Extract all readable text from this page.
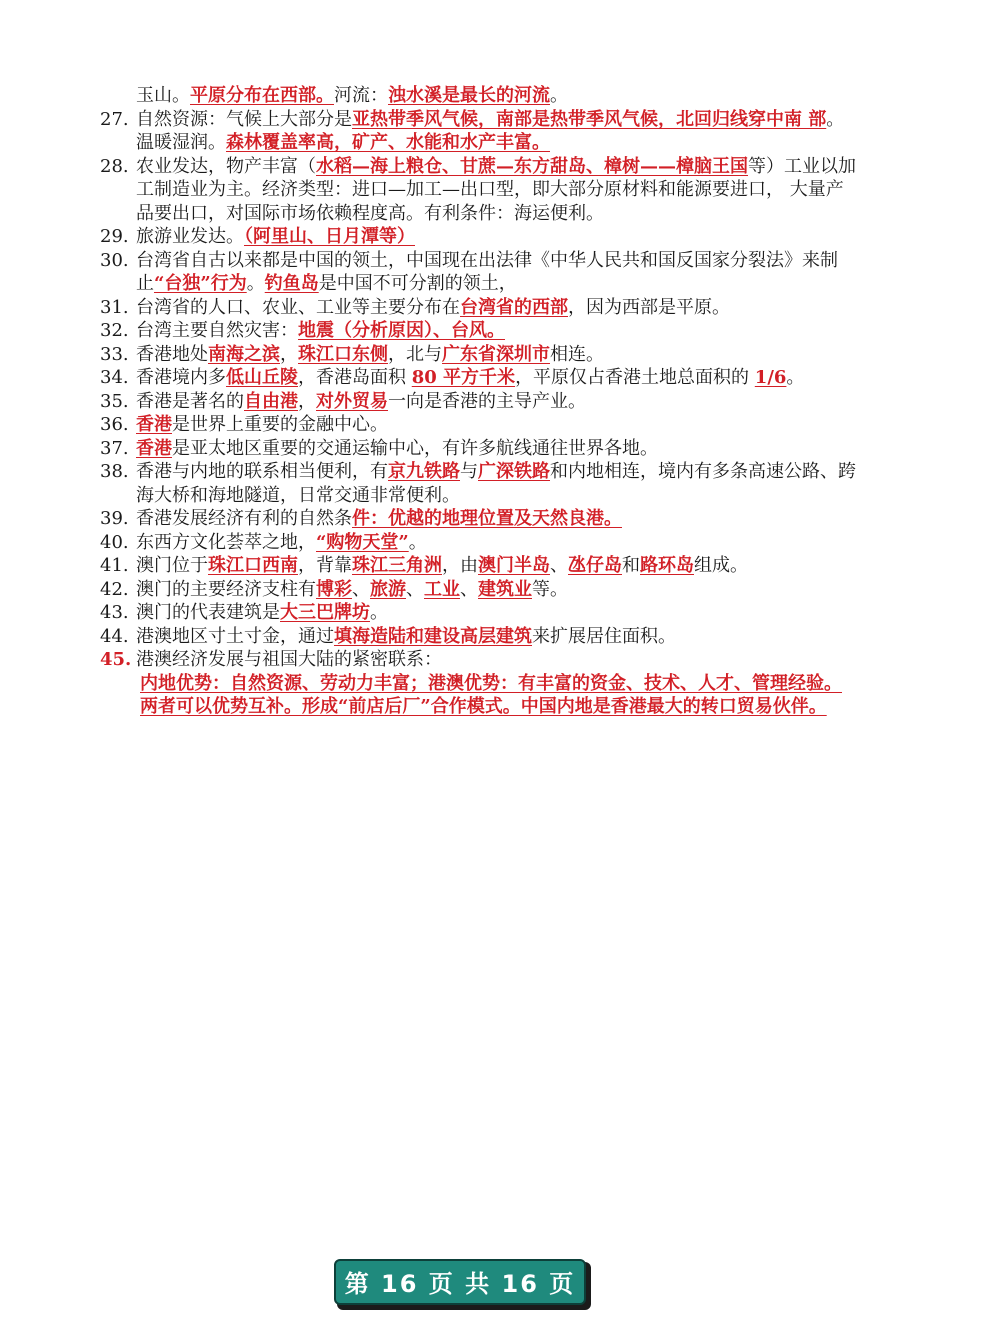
玉山。平原分布在西部。河流：浊水溪是最长的河流。
27. 自然资源：气候上大部分是亚热带季风气候，南部是热带季风气候，北回归线穿中南 部。 温暖湿润。森林覆盖率高，矿产、水能和水产丰富。
28. 农业发达，物产丰富（水稻—海上粮仓、甘蔗—东方甜岛、樟树——樟脑王国等）工业以加工制造业为主。经济类型：进口—加工—出口型，即大部分原材料和能源要进口， 大量产品要出口，对国际市场依赖程度高。有利条件：海运便利。
29. 旅游业发达。（阿里山、日月潭等）
30. 台湾省自古以来都是中国的领土，中国现在出法律《中华人民共和国反国家分裂法》来制止“台独”行为。钓鱼岛是中国不可分割的领土，
31. 台湾省的人口、农业、工业等主要分布在台湾省的西部，因为西部是平原。
32. 台湾主要自然灾害：地震（分析原因）、台风。
33. 香港地处南海之滨，珠江口东侧，北与广东省深圳市相连。
34. 香港境内多低山丘陵，香港岛面积 80 平方千米，平原仅占香港土地总面积的 1/6。
35. 香港是著名的自由港，对外贸易一向是香港的主导产业。
36. 香港是世界上重要的金融中心。
37. 香港是亚太地区重要的交通运输中心，有许多航线通往世界各地。
38. 香港与内地的联系相当便利，有京九铁路与广深铁路和内地相连，境内有多条高速公路、跨海大桥和海地隧道，日常交通非常便利。
39. 香港发展经济有利的自然条件：优越的地理位置及天然良港。
40. 东西方文化荟萃之地，“购物天堂”。
41. 澳门位于珠江口西南，背靠珠江三角洲，由澳门半岛、氹仔岛和路环岛组成。
42. 澳门的主要经济支柱有博彩、旅游、工业、建筑业等。
43. 澳门的代表建筑是大三巴牌坊。
44. 港澳地区寸土寸金，通过填海造陆和建设高层建筑来扩展居住面积。
45. 港澳经济发展与祖国大陆的紧密联系：
内地优势：自然资源、劳动力丰富；港澳优势：有丰富的资金、技术、人才、管理经验。
两者可以优势互补。形成“前店后厂”合作模式。中国内地是香港最大的转口贸易伙伴。
第 16 页 共 16 页
